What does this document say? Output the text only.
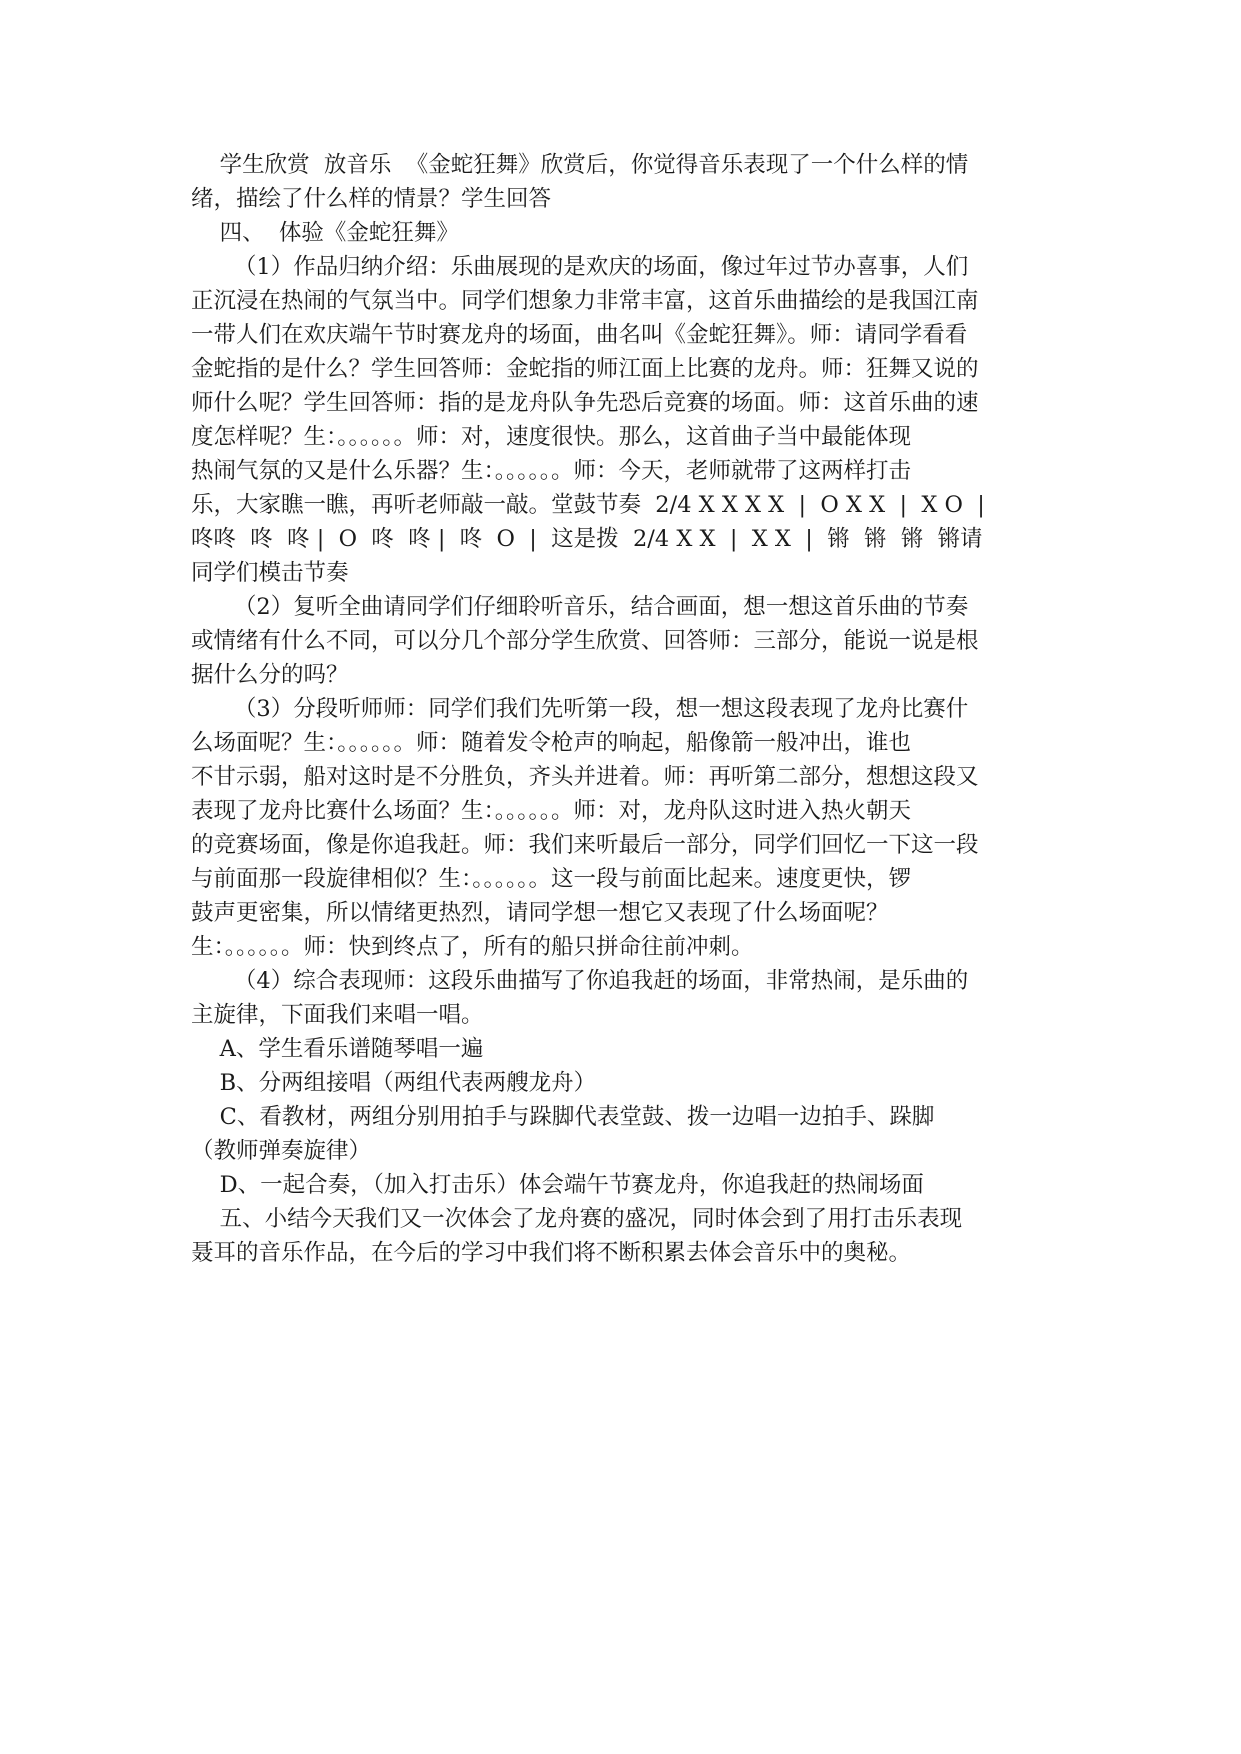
学生欣赏  放音乐  《金蛇狂舞》欣赏后，你觉得音乐表现了一个什么样的情
绪，描绘了什么样的情景？学生回答
四、  体验《金蛇狂舞》
（1）作品归纳介绍：乐曲展现的是欢庆的场面，像过年过节办喜事，人们
正沉浸在热闹的气氛当中。同学们想象力非常丰富，这首乐曲描绘的是我国江南
一带人们在欢庆端午节时赛龙舟的场面，曲名叫《金蛇狂舞》。师：请同学看看
金蛇指的是什么？学生回答师：金蛇指的师江面上比赛的龙舟。师：狂舞又说的
师什么呢？学生回答师：指的是龙舟队争先恐后竞赛的场面。师：这首乐曲的速
度怎样呢？生：。。。。。。师：对，速度很快。那么，这首曲子当中最能体现
热闹气氛的又是什么乐器？生：。。。。。。师：今天，老师就带了这两样打击
乐，大家瞧一瞧，再听老师敲一敲。堂鼓节奏  2/4 X X X X  |  O X X  |  X O  |
咚咚  咚  咚 |  O  咚  咚 |  咚  O  |  这是拨  2/4 X X  |  X X  |  锵  锵  锵  锵请
同学们模击节奏
（2）复听全曲请同学们仔细聆听音乐，结合画面，想一想这首乐曲的节奏
或情绪有什么不同，可以分几个部分学生欣赏、回答师：三部分，能说一说是根
据什么分的吗？
（3）分段听师师：同学们我们先听第一段，想一想这段表现了龙舟比赛什
么场面呢？生：。。。。。。师：随着发令枪声的响起，船像箭一般冲出，谁也
不甘示弱，船对这时是不分胜负，齐头并进着。师：再听第二部分，想想这段又
表现了龙舟比赛什么场面？生：。。。。。。师：对，龙舟队这时进入热火朝天
的竞赛场面，像是你追我赶。师：我们来听最后一部分，同学们回忆一下这一段
与前面那一段旋律相似？生：。。。。。。这一段与前面比起来。速度更快，锣
鼓声更密集，所以情绪更热烈，请同学想一想它又表现了什么场面呢？
生：。。。。。。师：快到终点了，所有的船只拼命往前冲刺。
（4）综合表现师：这段乐曲描写了你追我赶的场面，非常热闹，是乐曲的
主旋律，下面我们来唱一唱。
A、学生看乐谱随琴唱一遍
B、分两组接唱（两组代表两艘龙舟）
C、看教材，两组分别用拍手与跺脚代表堂鼓、拨一边唱一边拍手、跺脚
（教师弹奏旋律）
D、一起合奏，（加入打击乐）体会端午节赛龙舟，你追我赶的热闹场面
五、小结今天我们又一次体会了龙舟赛的盛况，同时体会到了用打击乐表现
聂耳的音乐作品，在今后的学习中我们将不断积累去体会音乐中的奥秘。
